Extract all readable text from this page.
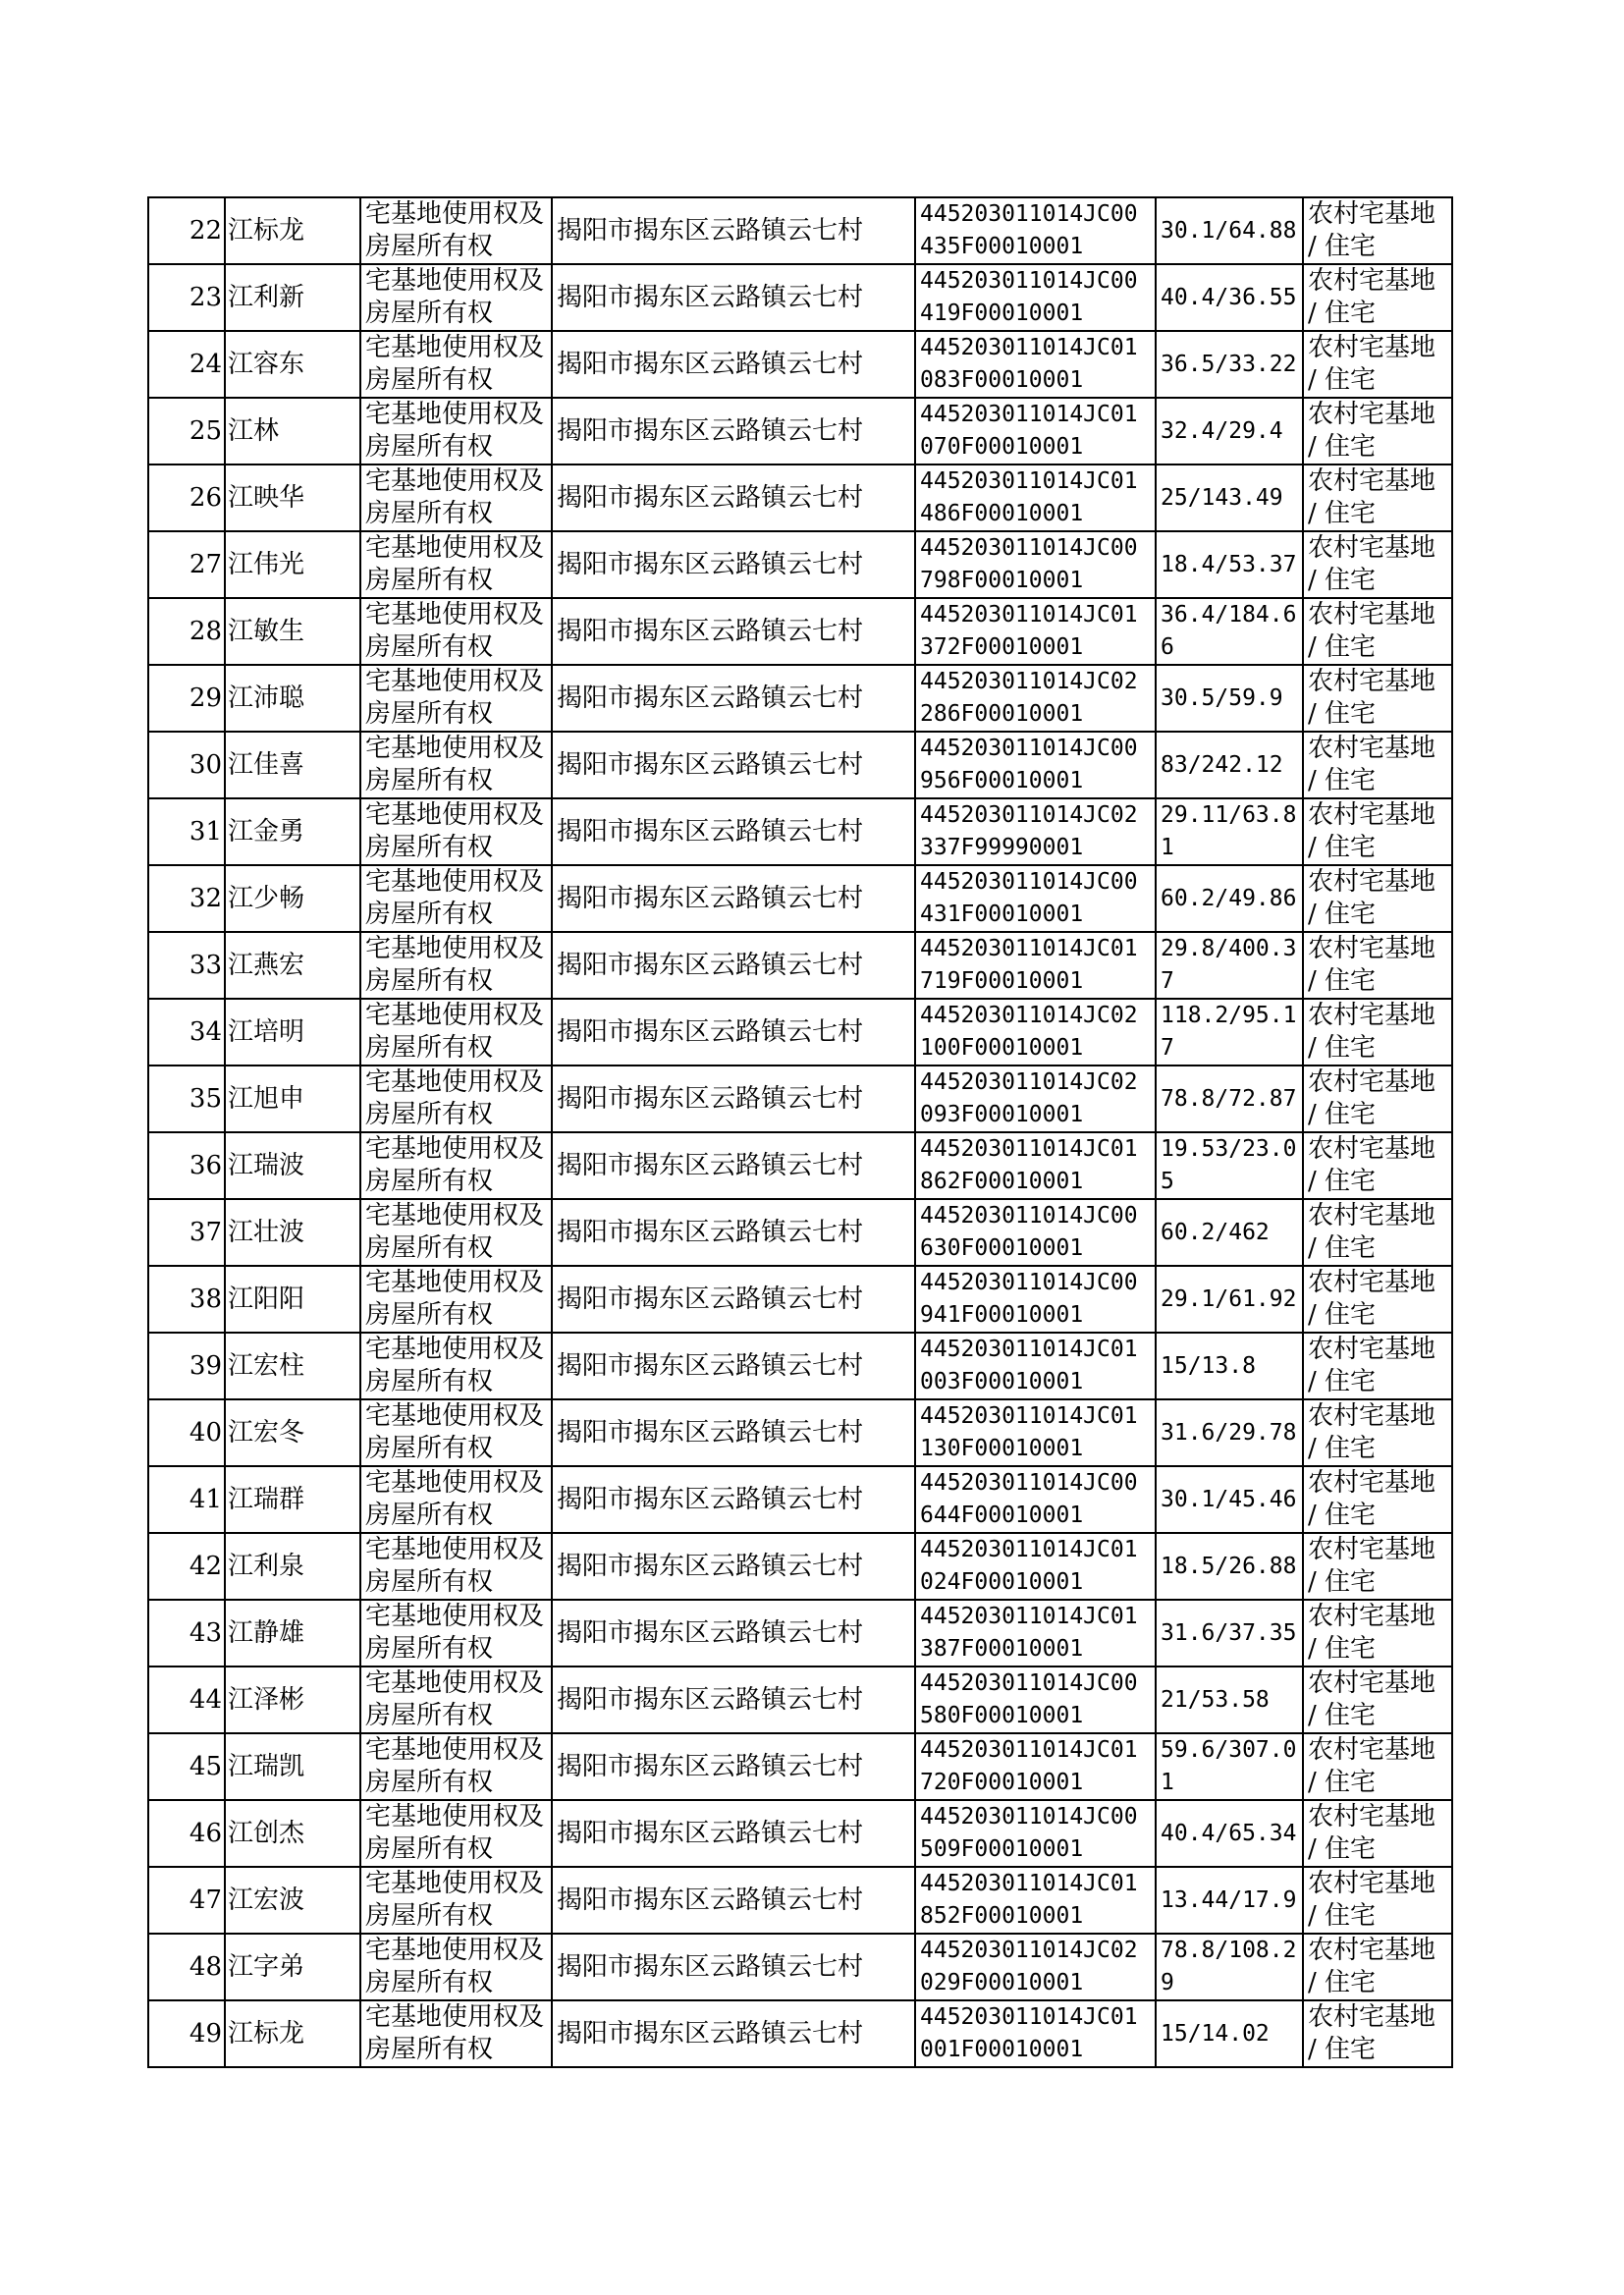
22	江标龙	宅基地使用权及房屋所有权	揭阳市揭东区云路镇云七村	445203011014JC00435F00010001	30.1/64.88	农村宅基地 / 住宅
23	江利新	宅基地使用权及房屋所有权	揭阳市揭东区云路镇云七村	445203011014JC00419F00010001	40.4/36.55	农村宅基地 / 住宅
24	江容东	宅基地使用权及房屋所有权	揭阳市揭东区云路镇云七村	445203011014JC01083F00010001	36.5/33.22	农村宅基地 / 住宅
25	江林	宅基地使用权及房屋所有权	揭阳市揭东区云路镇云七村	445203011014JC01070F00010001	32.4/29.4	农村宅基地 / 住宅
26	江映华	宅基地使用权及房屋所有权	揭阳市揭东区云路镇云七村	445203011014JC01486F00010001	25/143.49	农村宅基地 / 住宅
27	江伟光	宅基地使用权及房屋所有权	揭阳市揭东区云路镇云七村	445203011014JC00798F00010001	18.4/53.37	农村宅基地 / 住宅
28	江敏生	宅基地使用权及房屋所有权	揭阳市揭东区云路镇云七村	445203011014JC01372F00010001	36.4/184.66	农村宅基地 / 住宅
29	江沛聪	宅基地使用权及房屋所有权	揭阳市揭东区云路镇云七村	445203011014JC02286F00010001	30.5/59.9	农村宅基地 / 住宅
30	江佳喜	宅基地使用权及房屋所有权	揭阳市揭东区云路镇云七村	445203011014JC00956F00010001	83/242.12	农村宅基地 / 住宅
31	江金勇	宅基地使用权及房屋所有权	揭阳市揭东区云路镇云七村	445203011014JC02337F99990001	29.11/63.81	农村宅基地 / 住宅
32	江少畅	宅基地使用权及房屋所有权	揭阳市揭东区云路镇云七村	445203011014JC00431F00010001	60.2/49.86	农村宅基地 / 住宅
33	江燕宏	宅基地使用权及房屋所有权	揭阳市揭东区云路镇云七村	445203011014JC01719F00010001	29.8/400.37	农村宅基地 / 住宅
34	江培明	宅基地使用权及房屋所有权	揭阳市揭东区云路镇云七村	445203011014JC02100F00010001	118.2/95.17	农村宅基地 / 住宅
35	江旭申	宅基地使用权及房屋所有权	揭阳市揭东区云路镇云七村	445203011014JC02093F00010001	78.8/72.87	农村宅基地 / 住宅
36	江瑞波	宅基地使用权及房屋所有权	揭阳市揭东区云路镇云七村	445203011014JC01862F00010001	19.53/23.05	农村宅基地 / 住宅
37	江壮波	宅基地使用权及房屋所有权	揭阳市揭东区云路镇云七村	445203011014JC00630F00010001	60.2/462	农村宅基地 / 住宅
38	江阳阳	宅基地使用权及房屋所有权	揭阳市揭东区云路镇云七村	445203011014JC00941F00010001	29.1/61.92	农村宅基地 / 住宅
39	江宏柱	宅基地使用权及房屋所有权	揭阳市揭东区云路镇云七村	445203011014JC01003F00010001	15/13.8	农村宅基地 / 住宅
40	江宏冬	宅基地使用权及房屋所有权	揭阳市揭东区云路镇云七村	445203011014JC01130F00010001	31.6/29.78	农村宅基地 / 住宅
41	江瑞群	宅基地使用权及房屋所有权	揭阳市揭东区云路镇云七村	445203011014JC00644F00010001	30.1/45.46	农村宅基地 / 住宅
42	江利泉	宅基地使用权及房屋所有权	揭阳市揭东区云路镇云七村	445203011014JC01024F00010001	18.5/26.88	农村宅基地 / 住宅
43	江静雄	宅基地使用权及房屋所有权	揭阳市揭东区云路镇云七村	445203011014JC01387F00010001	31.6/37.35	农村宅基地 / 住宅
44	江泽彬	宅基地使用权及房屋所有权	揭阳市揭东区云路镇云七村	445203011014JC00580F00010001	21/53.58	农村宅基地 / 住宅
45	江瑞凯	宅基地使用权及房屋所有权	揭阳市揭东区云路镇云七村	445203011014JC01720F00010001	59.6/307.01	农村宅基地 / 住宅
46	江创杰	宅基地使用权及房屋所有权	揭阳市揭东区云路镇云七村	445203011014JC00509F00010001	40.4/65.34	农村宅基地 / 住宅
47	江宏波	宅基地使用权及房屋所有权	揭阳市揭东区云路镇云七村	445203011014JC01852F00010001	13.44/17.9	农村宅基地 / 住宅
48	江字弟	宅基地使用权及房屋所有权	揭阳市揭东区云路镇云七村	445203011014JC02029F00010001	78.8/108.29	农村宅基地 / 住宅
49	江标龙	宅基地使用权及房屋所有权	揭阳市揭东区云路镇云七村	445203011014JC01001F00010001	15/14.02	农村宅基地 / 住宅
